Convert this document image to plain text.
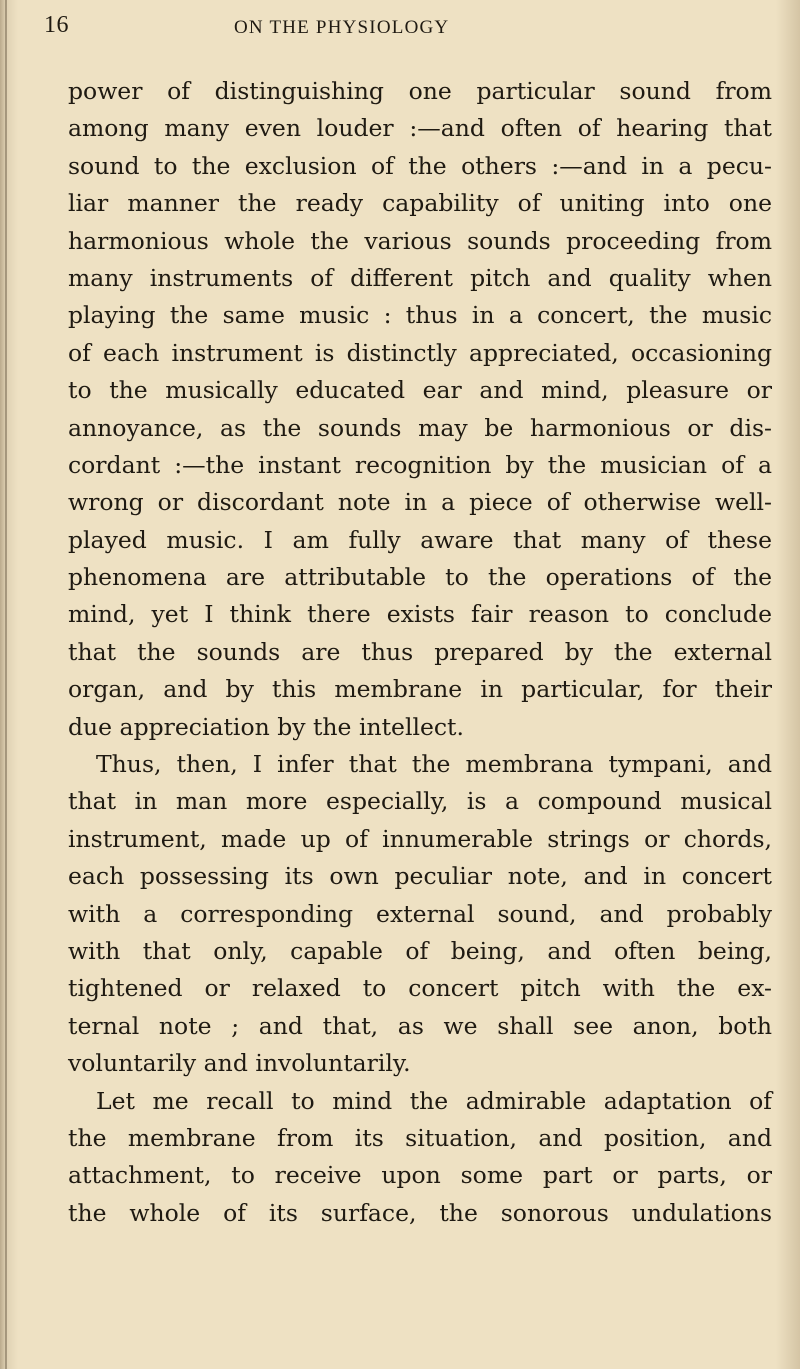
16	ON THE PHYSIOLOGY
power of distinguishing one particular sound from
among many even louder :—and often of hearing that
sound to the exclusion of the others :—and in a pecu-
liar manner the ready capability of uniting into one
harmonious whole the various sounds proceeding from
many instruments of different pitch and quality when
playing the same music : thus in a concert, the music
of each instrument is distinctly appreciated, occasioning
to the musically educated ear and mind, pleasure or
annoyance, as the sounds may be harmonious or dis-
cordant :—the instant recognition by the musician of a
wrong or discordant note in a piece of otherwise well-
played music. I am fully aware that many of these
phenomena are attributable to the operations of the
mind, yet I think there exists fair reason to conclude
that the sounds are thus prepared by the external
organ, and by this membrane in particular, for their
due appreciation by the intellect.
Thus, then, I infer that the membrana tympani, and
that in man more especially, is a compound musical
instrument, made up of innumerable strings or chords,
each possessing its own peculiar note, and in concert
with a corresponding external sound, and probably
with that only, capable of being, and often being,
tightened or relaxed to concert pitch with the ex-
ternal note ; and that, as we shall see anon, both
voluntarily and involuntarily.
Let me recall to mind the admirable adaptation of
the membrane from its situation, and position, and
attachment, to receive upon some part or parts, or
the whole of its surface, the sonorous undulations
